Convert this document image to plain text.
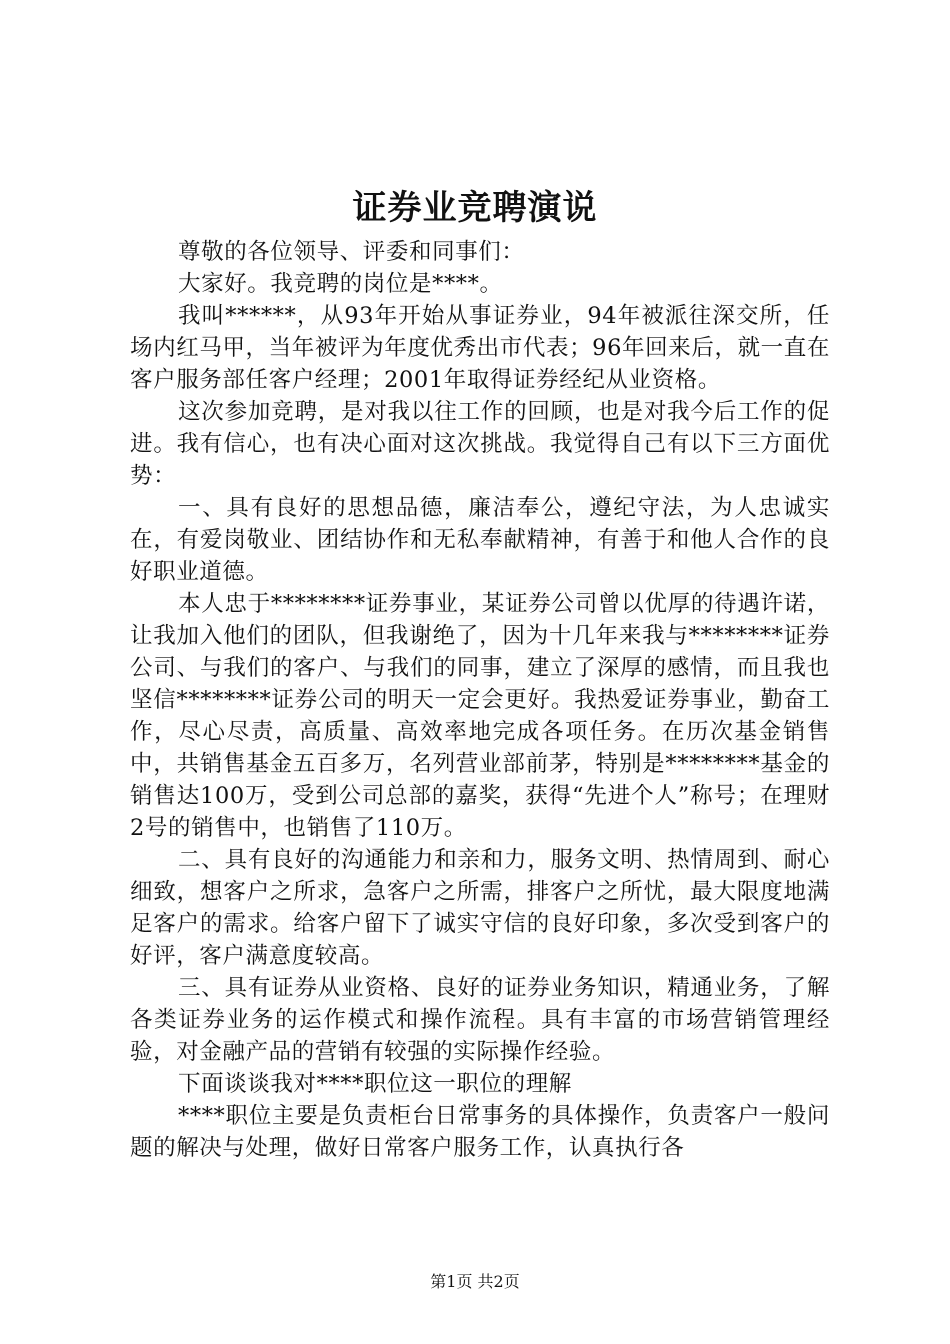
证券业竞聘演说

尊敬的各位领导、评委和同事们：

大家好。我竞聘的岗位是****。

我叫******，从93年开始从事证券业，94年被派往深交所，任场内红马甲，当年被评为年度优秀出市代表；96年回来后，就一直在客户服务部任客户经理；2001年取得证券经纪从业资格。

这次参加竞聘，是对我以往工作的回顾，也是对我今后工作的促进。我有信心，也有决心面对这次挑战。我觉得自己有以下三方面优势：

一、具有良好的思想品德，廉洁奉公，遵纪守法，为人忠诚实在，有爱岗敬业、团结协作和无私奉献精神，有善于和他人合作的良好职业道德。

本人忠于********证券事业，某证券公司曾以优厚的待遇许诺，让我加入他们的团队，但我谢绝了，因为十几年来我与********证券公司、与我们的客户、与我们的同事，建立了深厚的感情，而且我也坚信********证券公司的明天一定会更好。我热爱证券事业，勤奋工作，尽心尽责，高质量、高效率地完成各项任务。在历次基金销售中，共销售基金五百多万，名列营业部前茅，特别是********基金的销售达100万，受到公司总部的嘉奖，获得“先进个人”称号；在理财2号的销售中，也销售了110万。

二、具有良好的沟通能力和亲和力，服务文明、热情周到、耐心细致，想客户之所求，急客户之所需，排客户之所忧，最大限度地满足客户的需求。给客户留下了诚实守信的良好印象，多次受到客户的好评，客户满意度较高。

三、具有证券从业资格、良好的证券业务知识，精通业务，了解各类证券业务的运作模式和操作流程。具有丰富的市场营销管理经验，对金融产品的营销有较强的实际操作经验。

下面谈谈我对****职位这一职位的理解

****职位主要是负责柜台日常事务的具体操作，负责客户一般问题的解决与处理，做好日常客户服务工作，认真执行各

第1页 共2页
